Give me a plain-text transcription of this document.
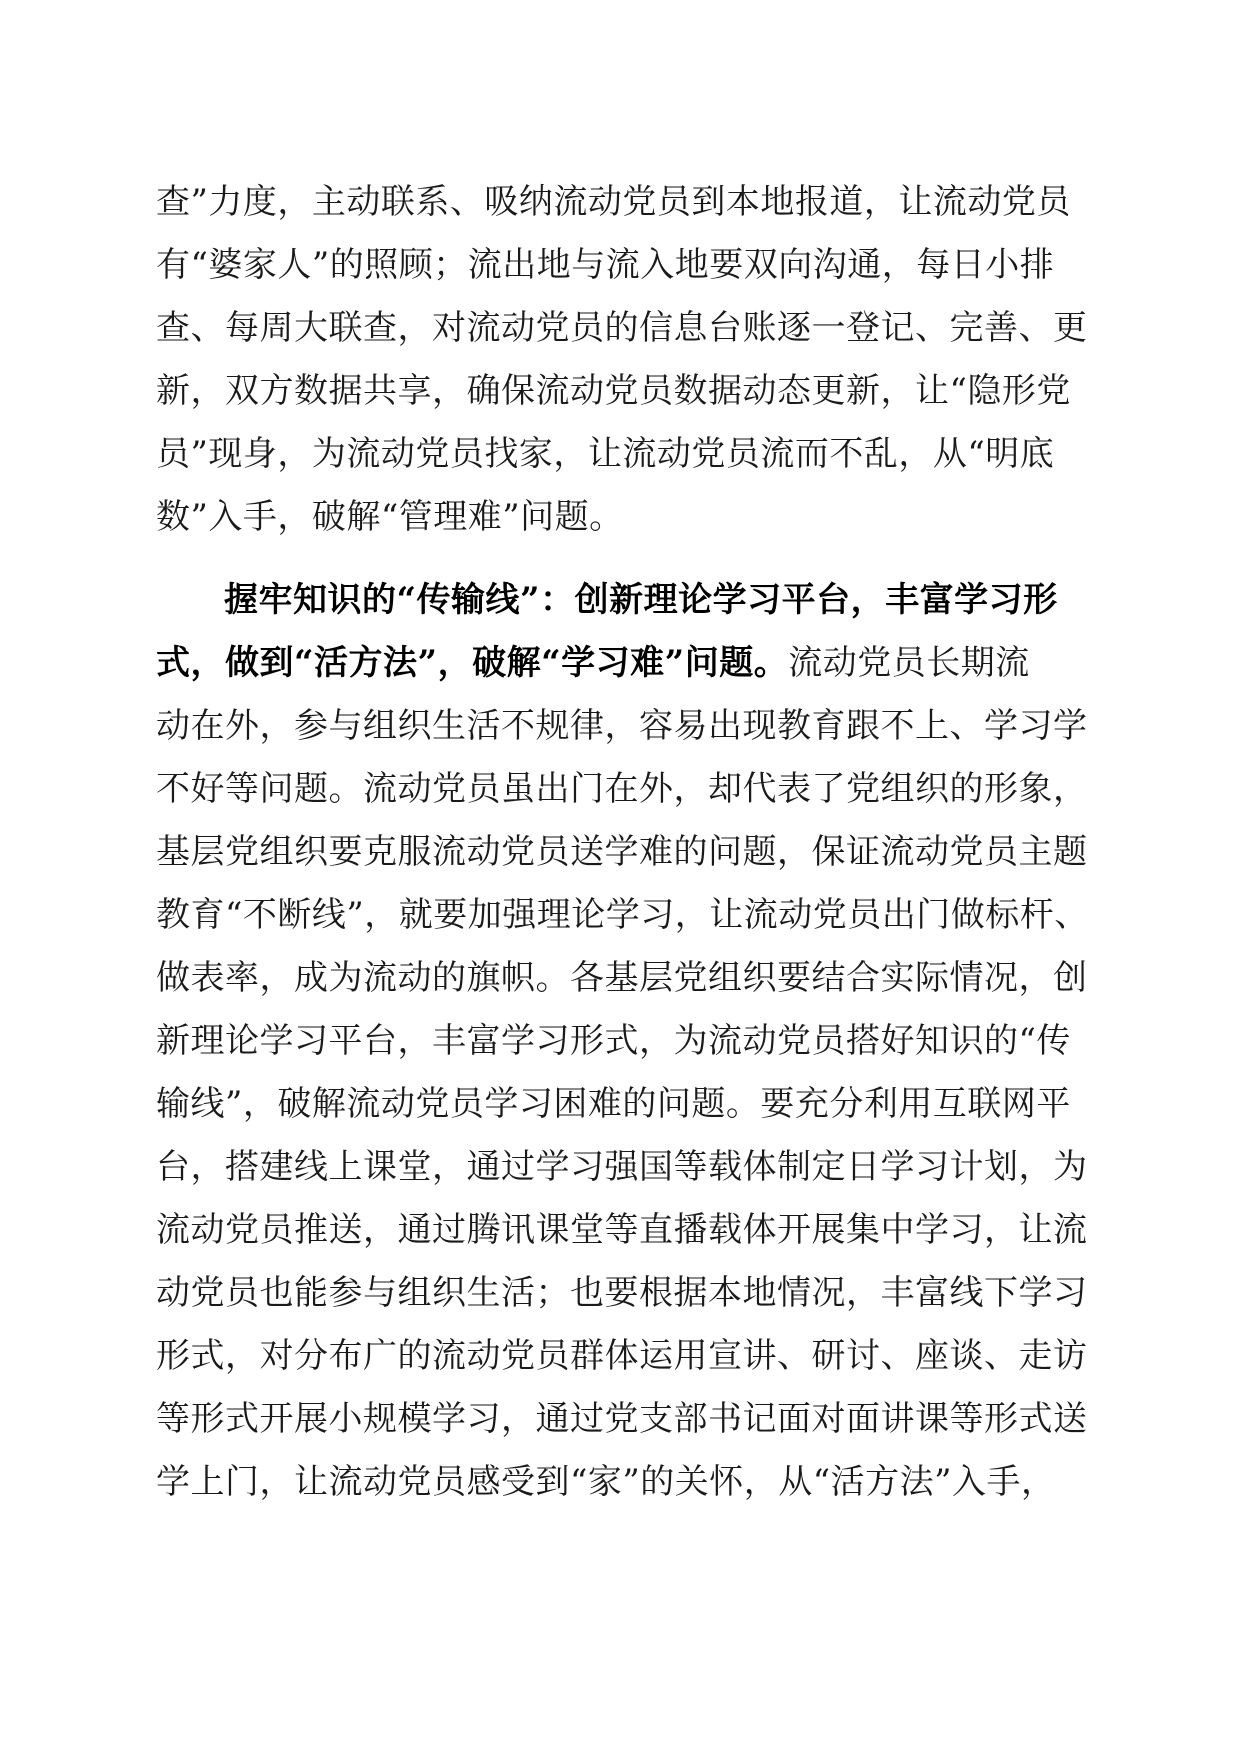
查”力度，主动联系、吸纳流动党员到本地报道，让流动党员
有“婆家人”的照顾；流出地与流入地要双向沟通，每日小排
查、每周大联查，对流动党员的信息台账逐一登记、完善、更
新，双方数据共享，确保流动党员数据动态更新，让“隐形党
员”现身，为流动党员找家，让流动党员流而不乱，从“明底
数”入手，破解“管理难”问题。
握牢知识的“传输线”：创新理论学习平台，丰富学习形
式，做到“活方法”，破解“学习难”问题。流动党员长期流
动在外，参与组织生活不规律，容易出现教育跟不上、学习学
不好等问题。流动党员虽出门在外，却代表了党组织的形象，
基层党组织要克服流动党员送学难的问题，保证流动党员主题
教育“不断线”，就要加强理论学习，让流动党员出门做标杆、
做表率，成为流动的旗帜。各基层党组织要结合实际情况，创
新理论学习平台，丰富学习形式，为流动党员搭好知识的“传
输线”，破解流动党员学习困难的问题。要充分利用互联网平
台，搭建线上课堂，通过学习强国等载体制定日学习计划，为
流动党员推送，通过腾讯课堂等直播载体开展集中学习，让流
动党员也能参与组织生活；也要根据本地情况，丰富线下学习
形式，对分布广的流动党员群体运用宣讲、研讨、座谈、走访
等形式开展小规模学习，通过党支部书记面对面讲课等形式送
学上门，让流动党员感受到“家”的关怀，从“活方法”入手，
